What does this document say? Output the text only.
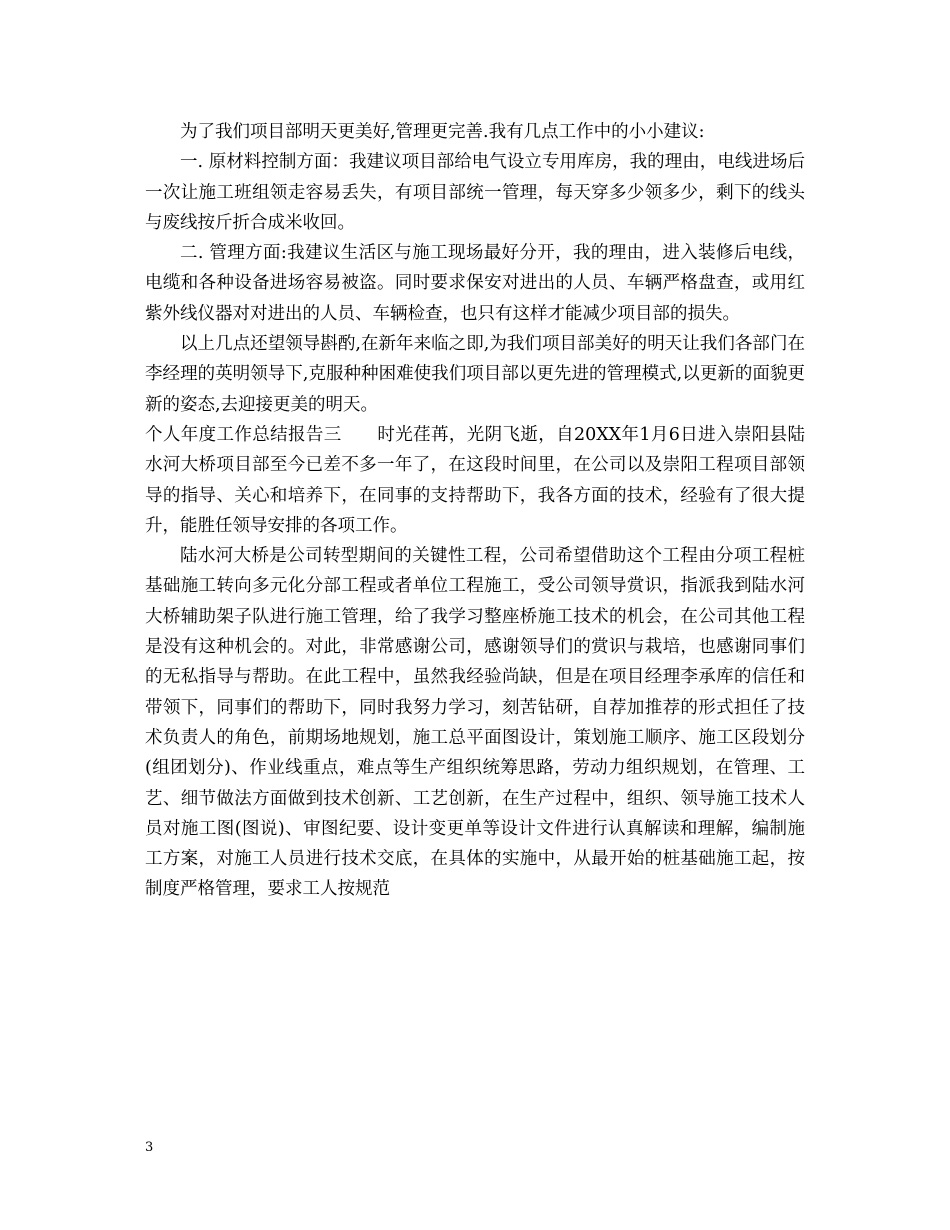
为了我们项目部明天更美好,管理更完善.我有几点工作中的小小建议:

一. 原材料控制方面：我建议项目部给电气设立专用库房，我的理由，电线进场后一次让施工班组领走容易丢失，有项目部统一管理，每天穿多少领多少，剩下的线头与废线按斤折合成米收回。

二. 管理方面:我建议生活区与施工现场最好分开，我的理由，进入装修后电线，电缆和各种设备进场容易被盗。同时要求保安对进出的人员、车辆严格盘查，或用红紫外线仪器对对进出的人员、车辆检查，也只有这样才能减少项目部的损失。

以上几点还望领导斟酌,在新年来临之即,为我们项目部美好的明天让我们各部门在李经理的英明领导下,克服种种困难使我们项目部以更先进的管理模式,以更新的面貌更新的姿态,去迎接更美的明天。

个人年度工作总结报告三　　时光荏苒，光阴飞逝，自20XX年1月6日进入崇阳县陆水河大桥项目部至今已差不多一年了，在这段时间里，在公司以及崇阳工程项目部领导的指导、关心和培养下，在同事的支持帮助下，我各方面的技术，经验有了很大提升，能胜任领导安排的各项工作。

陆水河大桥是公司转型期间的关键性工程，公司希望借助这个工程由分项工程桩基础施工转向多元化分部工程或者单位工程施工，受公司领导赏识，指派我到陆水河大桥辅助架子队进行施工管理，给了我学习整座桥施工技术的机会，在公司其他工程是没有这种机会的。对此，非常感谢公司，感谢领导们的赏识与栽培，也感谢同事们的无私指导与帮助。在此工程中，虽然我经验尚缺，但是在项目经理李承库的信任和带领下，同事们的帮助下，同时我努力学习，刻苦钻研，自荐加推荐的形式担任了技术负责人的角色，前期场地规划，施工总平面图设计，策划施工顺序、施工区段划分(组团划分)、作业线重点，难点等生产组织统筹思路，劳动力组织规划，在管理、工艺、细节做法方面做到技术创新、工艺创新，在生产过程中，组织、领导施工技术人员对施工图(图说)、审图纪要、设计变更单等设计文件进行认真解读和理解，编制施工方案，对施工人员进行技术交底，在具体的实施中，从最开始的桩基础施工起，按制度严格管理，要求工人按规范

3
